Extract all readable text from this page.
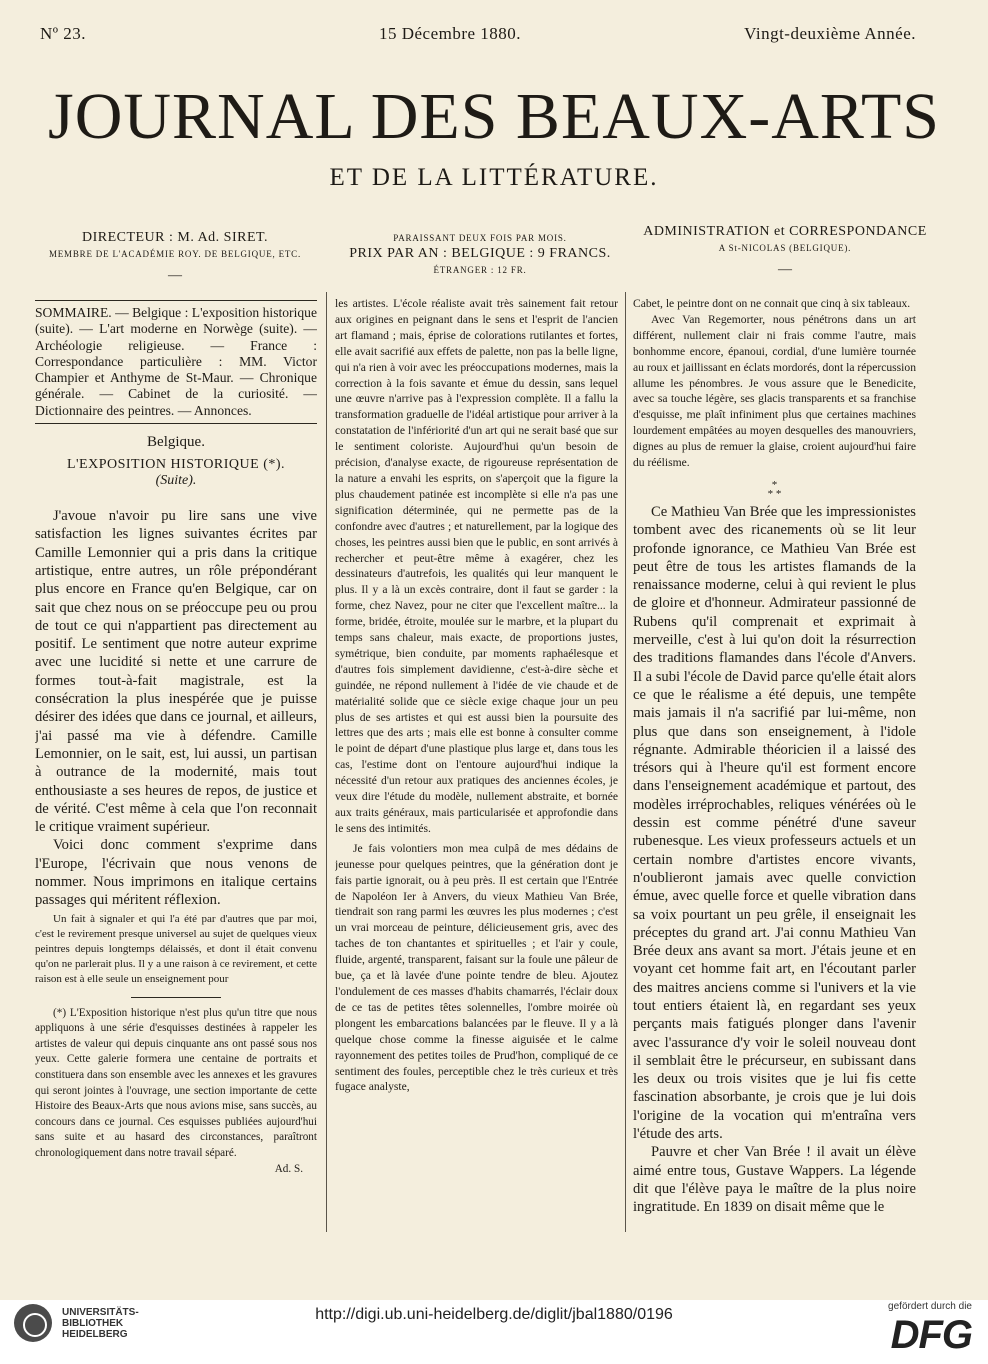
Nº 23.	15 Décembre 1880.	Vingt-deuxième Année.
JOURNAL DES BEAUX-ARTS
ET DE LA LITTÉRATURE.
DIRECTEUR : M. Ad. SIRET.
MEMBRE DE L'ACADÉMIE ROY. DE BELGIQUE, ETC.
—
PARAISSANT DEUX FOIS PAR MOIS.
PRIX PAR AN : BELGIQUE : 9 FRANCS.
ÉTRANGER : 12 FR.
ADMINISTRATION et CORRESPONDANCE
A St-NICOLAS (BELGIQUE).
—

SOMMAIRE. — Belgique : L'exposition historique (suite). — L'art moderne en Norwège (suite). — Archéologie religieuse. — France : Correspondance particulière : MM. Victor Champier et Anthyme de St-Maur. — Chronique générale. — Cabinet de la curiosité. — Dictionnaire des peintres. — Annonces.

Belgique.
L'EXPOSITION HISTORIQUE (*).
(Suite).

J'avoue n'avoir pu lire sans une vive satisfaction les lignes suivantes écrites par Camille Lemonnier qui a pris dans la critique artistique, entre autres, un rôle prépondérant plus encore en France qu'en Belgique, car on sait que chez nous on se préoccupe peu ou prou de tout ce qui n'appartient pas directement au positif. Le sentiment que notre auteur exprime avec une lucidité si nette et une carrure de formes tout-à-fait magistrale, est la consécration la plus inespérée que je puisse désirer des idées que dans ce journal, et ailleurs, j'ai passé ma vie à défendre. Camille Lemonnier, on le sait, est, lui aussi, un partisan à outrance de la modernité, mais tout enthousiaste a ses heures de repos, de justice et de vérité. C'est même à cela que l'on reconnait le critique vraiment supérieur.

Voici donc comment s'exprime dans l'Europe, l'écrivain que nous venons de nommer. Nous imprimons en italique certains passages qui méritent réflexion.

Un fait à signaler et qui l'a été par d'autres que par moi, c'est le revirement presque universel au sujet de quelques vieux peintres depuis longtemps délaissés, et dont il était convenu qu'on ne parlerait plus. Il y a une raison à ce revirement, et cette raison est à elle seule un enseignement pour

(*) L'Exposition historique n'est plus qu'un titre que nous appliquons à une série d'esquisses destinées à rappeler les artistes de valeur qui depuis cinquante ans ont passé sous nos yeux. Cette galerie formera une centaine de portraits et constituera dans son ensemble avec les annexes et les gravures qui seront jointes à l'ouvrage, une section importante de cette Histoire des Beaux-Arts que nous avions mise, sans succès, au concours dans ce journal. Ces esquisses publiées aujourd'hui sans suite et au hasard des circonstances, paraîtront chronologiquement dans notre travail séparé.

Ad. S.

les artistes. L'école réaliste avait très sainement fait retour aux origines en peignant dans le sens et l'esprit de l'ancien art flamand ; mais, éprise de colorations rutilantes et fortes, elle avait sacrifié aux effets de palette, non pas la belle ligne, qui n'a rien à voir avec les préoccupations modernes, mais la correction à la fois savante et émue du dessin, sans lequel une œuvre n'arrive pas à l'expression complète. Il a fallu la transformation graduelle de l'idéal artistique pour arriver à la constatation de l'infériorité d'un art qui ne serait basé que sur le sentiment coloriste. Aujourd'hui qu'un besoin de précision, d'analyse exacte, de rigoureuse représentation de la nature a envahi les esprits, on s'aperçoit que la figure la plus chaudement patinée est incomplète si elle n'a pas une signification déterminée, qui ne permette pas de la confondre avec d'autres ; et naturellement, par la logique des choses, les peintres aussi bien que le public, en sont arrivés à rechercher et peut-être même à exagérer, chez les dessinateurs d'autrefois, les qualités qui leur manquent le plus. Il y a là un excès contraire, dont il faut se garder : la forme, chez Navez, pour ne citer que l'excellent maître... la forme, bridée, étroite, moulée sur le marbre, et la plupart du temps sans chaleur, mais exacte, de proportions justes, symétrique, bien conduite, par moments raphaélesque et d'autres fois simplement davidienne, c'est-à-dire sèche et guindée, ne répond nullement à l'idée de vie chaude et de matérialité solide que ce siècle exige chaque jour un peu plus de ses artistes et qui est aussi bien la poursuite des lettres que des arts ; mais elle est bonne à consulter comme le point de départ d'une plastique plus large et, dans tous les cas, l'estime dont on l'entoure aujourd'hui indique la nécessité d'un retour aux pratiques des anciennes écoles, je veux dire l'étude du modèle, nullement abstraite, et bornée aux traits généraux, mais particularisée et approfondie dans le sens des intimités.

Je fais volontiers mon mea culpâ de mes dédains de jeunesse pour quelques peintres, que la génération dont je fais partie ignorait, ou à peu près. Il est certain que l'Entrée de Napoléon Ier à Anvers, du vieux Mathieu Van Brée, tiendrait son rang parmi les œuvres les plus modernes ; c'est un vrai morceau de peinture, délicieusement gris, avec des taches de ton chantantes et spirituelles ; et l'air y coule, fluide, argenté, transparent, faisant sur la foule une pâleur de bue, ça et là lavée d'une pointe tendre de bleu. Ajoutez l'ondulement de ces masses d'habits chamarrés, l'éclair doux de ce tas de petites têtes solennelles, l'ombre moirée où plongent les embarcations balancées par le fleuve. Il y a là quelque chose comme la finesse aiguisée et le calme rayonnement des petites toiles de Prud'hon, compliqué de ce sentiment des foules, perceptible chez le très curieux et très fugace analyste,

Cabet, le peintre dont on ne connait que cinq à six tableaux.

Avec Van Regemorter, nous pénétrons dans un art différent, nullement clair ni frais comme l'autre, mais bonhomme encore, épanoui, cordial, d'une lumière tournée au roux et jaillissant en éclats mordorés, dont la répercussion allume les pénombres. Je vous assure que le Benedicite, avec sa touche légère, ses glacis transparents et sa franchise d'esquisse, me plaît infiniment plus que certaines machines lourdement empâtées au moyen desquelles des manouvriers, dignes au plus de remuer la glaise, croient aujourd'hui faire du réélisme.

*
* *

Ce Mathieu Van Brée que les impressionistes tombent avec des ricanements où se lit leur profonde ignorance, ce Mathieu Van Brée est peut être de tous les artistes flamands de la renaissance moderne, celui à qui revient le plus de gloire et d'honneur. Admirateur passionné de Rubens qu'il comprenait et exprimait à merveille, c'est à lui qu'on doit la résurrection des traditions flamandes dans l'école d'Anvers. Il a subi l'école de David parce qu'elle était alors ce que le réalisme a été depuis, une tempête mais jamais il n'a sacrifié par lui-même, non plus que dans son enseignement, à l'idole régnante. Admirable théoricien il a laissé des trésors qui à l'heure qu'il est forment encore dans l'enseignement académique et partout, des modèles irréprochables, reliques vénérées où le dessin est comme pénétré d'une saveur rubenesque. Les vieux professeurs actuels et un certain nombre d'artistes encore vivants, n'oublieront jamais avec quelle conviction émue, avec quelle force et quelle vibration dans sa voix pourtant un peu grêle, il enseignait les préceptes du grand art. J'ai connu Mathieu Van Brée deux ans avant sa mort. J'étais jeune et en voyant cet homme fait art, en l'écoutant parler des maitres anciens comme si l'univers et la vie tout entiers étaient là, en regardant ses yeux perçants mais fatigués plonger dans l'avenir avec l'assurance d'y voir le soleil nouveau dont il semblait être le précurseur, en subissant dans les deux ou trois visites que je lui fis cette fascination absorbante, je crois que je lui dois l'origine de la vocation qui m'entraîna vers l'étude des arts.

Pauvre et cher Van Brée ! il avait un élève aimé entre tous, Gustave Wappers. La légende dit que l'élève paya le maître de la plus noire ingratitude. En 1839 on disait même que le

UNIVERSITÄTS-BIBLIOTHEK HEIDELBERG
http://digi.ub.uni-heidelberg.de/diglit/jbal1880/0196	gefördert durch die
DFG
